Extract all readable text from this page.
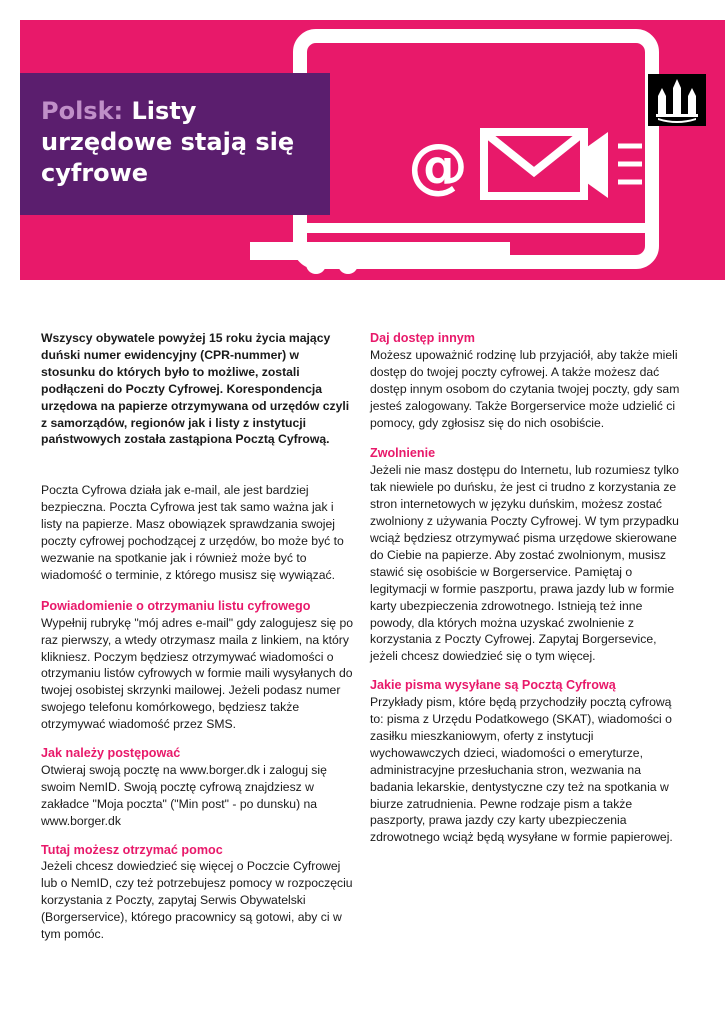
@
Polsk: Listy urzędowe stają się cyfrowe

Wszyscy obywatele powyżej 15 roku życia mający duński numer ewidencyjny (CPR-nummer) w stosunku do których było to możliwe, zostali podłączeni do Poczty Cyfrowej. Korespondencja urzędowa na papierze otrzymywana od urzędów czyli z samorządów, regionów jak i listy z instytucji państwowych została zastąpiona Pocztą Cyfrową.

Poczta Cyfrowa działa jak e-mail, ale jest bardziej bezpieczna. Poczta Cyfrowa jest tak samo ważna jak i listy na papierze. Masz obowiązek sprawdzania swojej poczty cyfrowej pochodzącej z urzędów, bo może być to wezwanie na spotkanie jak i również może być to wiadomość o terminie, z którego musisz się wywiązać.

Powiadomienie o otrzymaniu listu cyfrowego

Wypełnij rubrykę "mój adres e-mail" gdy zalogujesz się po raz pierwszy, a wtedy otrzymasz maila z linkiem, na który klikniesz. Poczym będziesz otrzymywać wiadomości o otrzymaniu listów cyfrowych w formie maili wysyłanych do twojej osobistej skrzynki mailowej. Jeżeli podasz numer swojego telefonu komórkowego, będziesz także otrzymywać wiadomość przez SMS.

Jak należy postępować

Otwieraj swoją pocztę na www.borger.dk i zaloguj się swoim NemID. Swoją pocztę cyfrową znajdziesz w zakładce "Moja poczta" ("Min post" - po dunsku) na www.borger.dk

Tutaj możesz otrzymać pomoc

Jeżeli chcesz dowiedzieć się więcej o Poczcie Cyfrowej lub o NemID, czy też potrzebujesz pomocy w rozpoczęciu korzystania z Poczty, zapytaj Serwis Obywatelski (Borgerservice), którego pracownicy są gotowi, aby ci w tym pomóc.

Daj dostęp innym

Możesz upoważnić rodzinę lub przyjaciół, aby także mieli dostęp do twojej poczty cyfrowej. A także możesz dać dostęp innym osobom do czytania twojej poczty, gdy sam jesteś zalogowany. Także Borgerservice może udzielić ci pomocy, gdy zgłosisz się do nich osobiście.

Zwolnienie

Jeżeli nie masz dostępu do Internetu, lub rozumiesz tylko tak niewiele po duńsku, że jest ci trudno z korzystania ze stron internetowych w języku duńskim, możesz zostać zwolniony z używania Poczty Cyfrowej. W tym przypadku wciąż będziesz otrzymywać pisma urzędowe skierowane do Ciebie na papierze. Aby zostać zwolnionym, musisz stawić się osobiście w Borgerservice. Pamiętaj o legitymacji w formie paszportu, prawa jazdy lub w formie karty ubezpieczenia zdrowotnego. Istnieją też inne powody, dla których można uzyskać zwolnienie z korzystania z Poczty Cyfrowej. Zapytaj Borgersevice, jeżeli chcesz dowiedzieć się o tym więcej.

Jakie pisma wysyłane są Pocztą Cyfrową

Przykłady pism, które będą przychodziły pocztą cyfrową to: pisma z Urzędu Podatkowego (SKAT), wiadomości o zasiłku mieszkaniowym, oferty z instytucji wychowawczych dzieci, wiadomości o emeryturze, administracyjne przesłuchania stron, wezwania na badania lekarskie, dentystyczne czy też na spotkania w biurze zatrudnienia. Pewne rodzaje pism a także paszporty, prawa jazdy czy karty ubezpieczenia zdrowotnego wciąż będą wysyłane w formie papierowej.
